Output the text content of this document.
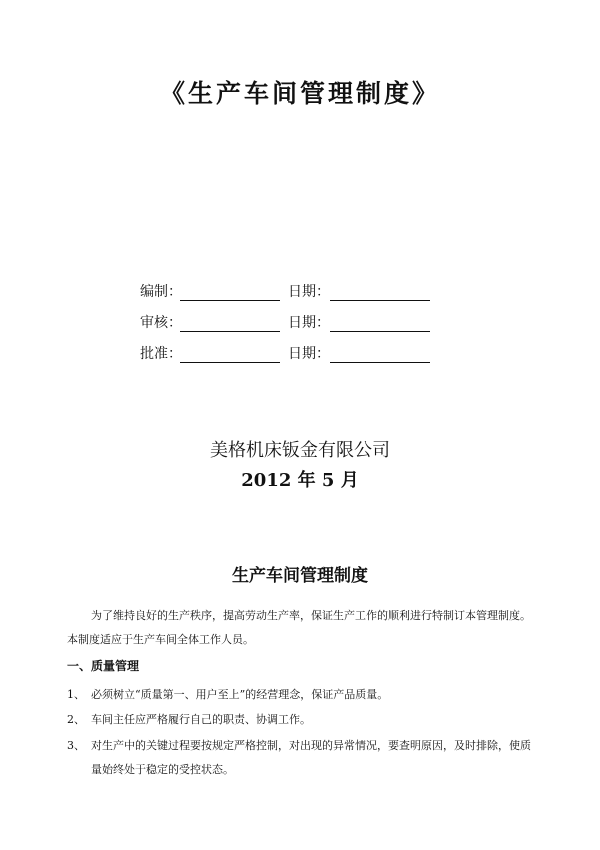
《生产车间管理制度》
编制：	日期：
审核：	日期：
批准：	日期：
美格机床钣金有限公司
2012 年 5 月
生产车间管理制度

为了维持良好的生产秩序，提高劳动生产率，保证生产工作的顺利进行特制订本管理制度。本制度适应于生产车间全体工作人员。

一、质量管理

1、 必须树立“质量第一、用户至上”的经营理念，保证产品质量。

2、 车间主任应严格履行自己的职责、协调工作。

3、 对生产中的关键过程要按规定严格控制，对出现的异常情况，要查明原因，及时排除，使质量始终处于稳定的受控状态。
